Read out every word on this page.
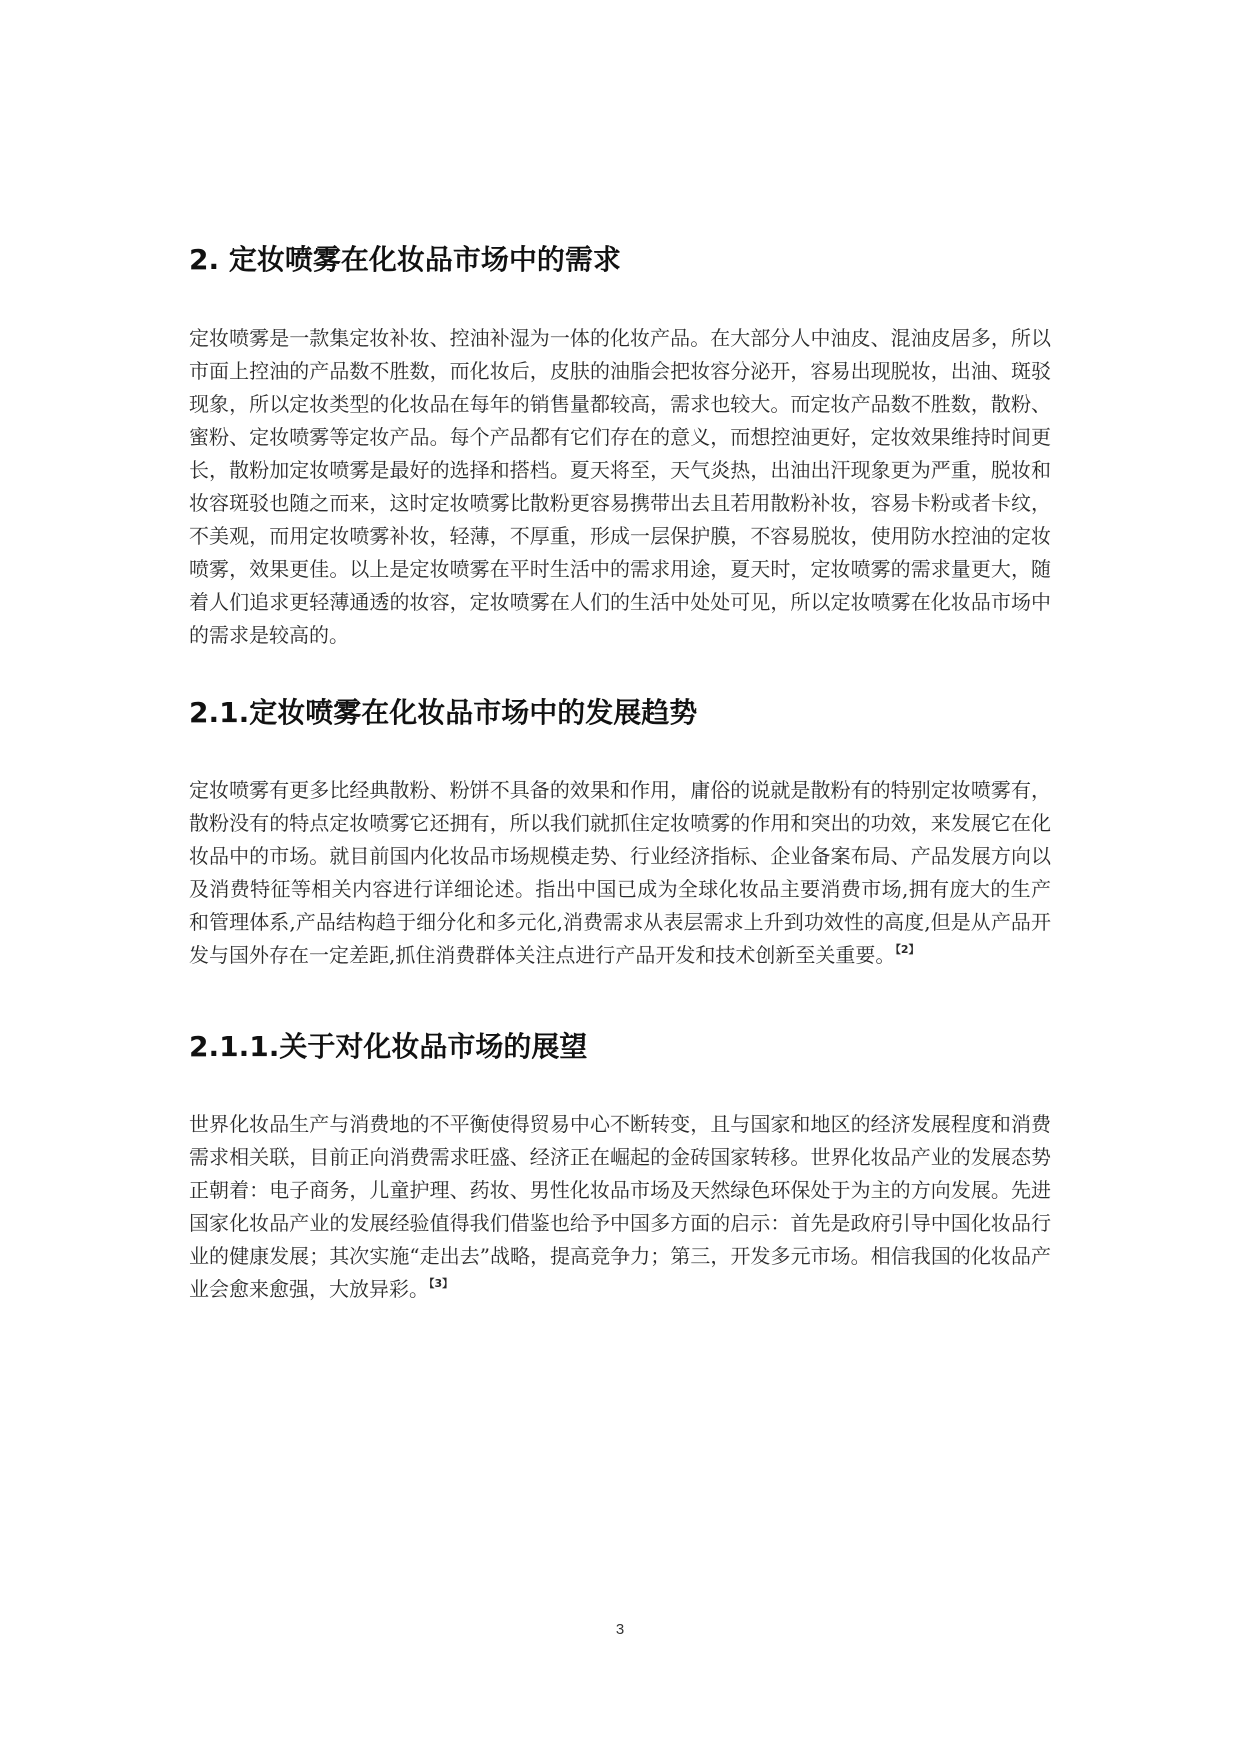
2. 定妆喷雾在化妆品市场中的需求

定妆喷雾是一款集定妆补妆、控油补湿为一体的化妆产品。在大部分人中油皮、混油皮居多，所以市面上控油的产品数不胜数，而化妆后，皮肤的油脂会把妆容分泌开，容易出现脱妆，出油、斑驳现象，所以定妆类型的化妆品在每年的销售量都较高，需求也较大。而定妆产品数不胜数，散粉、蜜粉、定妆喷雾等定妆产品。每个产品都有它们存在的意义，而想控油更好，定妆效果维持时间更长，散粉加定妆喷雾是最好的选择和搭档。夏天将至，天气炎热，出油出汗现象更为严重，脱妆和妆容斑驳也随之而来，这时定妆喷雾比散粉更容易携带出去且若用散粉补妆，容易卡粉或者卡纹，不美观，而用定妆喷雾补妆，轻薄，不厚重，形成一层保护膜，不容易脱妆，使用防水控油的定妆喷雾，效果更佳。以上是定妆喷雾在平时生活中的需求用途，夏天时，定妆喷雾的需求量更大，随着人们追求更轻薄通透的妆容，定妆喷雾在人们的生活中处处可见，所以定妆喷雾在化妆品市场中的需求是较高的。

2.1.定妆喷雾在化妆品市场中的发展趋势

定妆喷雾有更多比经典散粉、粉饼不具备的效果和作用，庸俗的说就是散粉有的特别定妆喷雾有，散粉没有的特点定妆喷雾它还拥有，所以我们就抓住定妆喷雾的作用和突出的功效，来发展它在化妆品中的市场。就目前国内化妆品市场规模走势、行业经济指标、企业备案布局、产品发展方向以及消费特征等相关内容进行详细论述。指出中国已成为全球化妆品主要消费市场,拥有庞大的生产和管理体系,产品结构趋于细分化和多元化,消费需求从表层需求上升到功效性的高度,但是从产品开发与国外存在一定差距,抓住消费群体关注点进行产品开发和技术创新至关重要。$^{【2】}$

2.1.1.关于对化妆品市场的展望

世界化妆品生产与消费地的不平衡使得贸易中心不断转变，且与国家和地区的经济发展程度和消费需求相关联，目前正向消费需求旺盛、经济正在崛起的金砖国家转移。世界化妆品产业的发展态势正朝着：电子商务，儿童护理、药妆、男性化妆品市场及天然绿色环保处于为主的方向发展。先进国家化妆品产业的发展经验值得我们借鉴也给予中国多方面的启示：首先是政府引导中国化妆品行业的健康发展；其次实施“走出去”战略，提高竞争力；第三，开发多元市场。相信我国的化妆品产业会愈来愈强，大放异彩。$^{【3】}$

3
